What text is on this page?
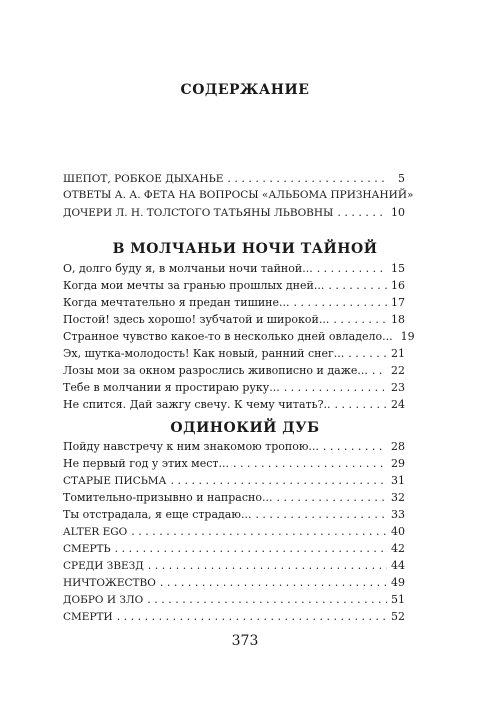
СОДЕРЖАНИЕ
ШЕПОТ, РОБКОЕ ДЫХАНЬЕ . . .	5
ОТВЕТЫ А. А. ФЕТА НА ВОПРОСЫ «АЛЬБОМА ПРИЗНАНИЙ»
ДОЧЕРИ Л. Н. ТОЛСТОГО ТАТЬЯНЫ ЛЬВОВНЫ . . .	10
В МОЛЧАНЬИ НОЧИ ТАЙНОЙ
О, долго буду я, в молчаньи ночи тайной... . . .	15
Когда мои мечты за гранью прошлых дней... . . .	16
Когда мечтательно я предан тишине... . . .	17
Постой! здесь хорошо! зубчатой и широкой... . . .	18
Странное чувство какое-то в несколько дней овладело... 19
Эх, шутка-молодость! Как новый, ранний снег... . . .	21
Лозы мои за окном разрослись живописно и даже... . . . 22
Тебе в молчании я простираю руку... . . .	23
Не спится. Дай зажгу свечу. К чему читать?.. . . .	24
ОДИНОКИЙ ДУБ
Пойду навстречу к ним знакомою тропою... . . .	28
Не первый год у этих мест... . . .	29
СТАРЫЕ ПИСЬМА . . .	31
Томительно-призывно и напрасно... . . .	32
Ты отстрадала, я еще страдаю... . . .	33
ALTER EGO . . .	40
СМЕРТЬ . . .	42
СРЕДИ ЗВЕЗД . . .	44
НИЧТОЖЕСТВО . . .	49
ДОБРО И ЗЛО . . .	51
СМЕРТИ . . .	52
373
